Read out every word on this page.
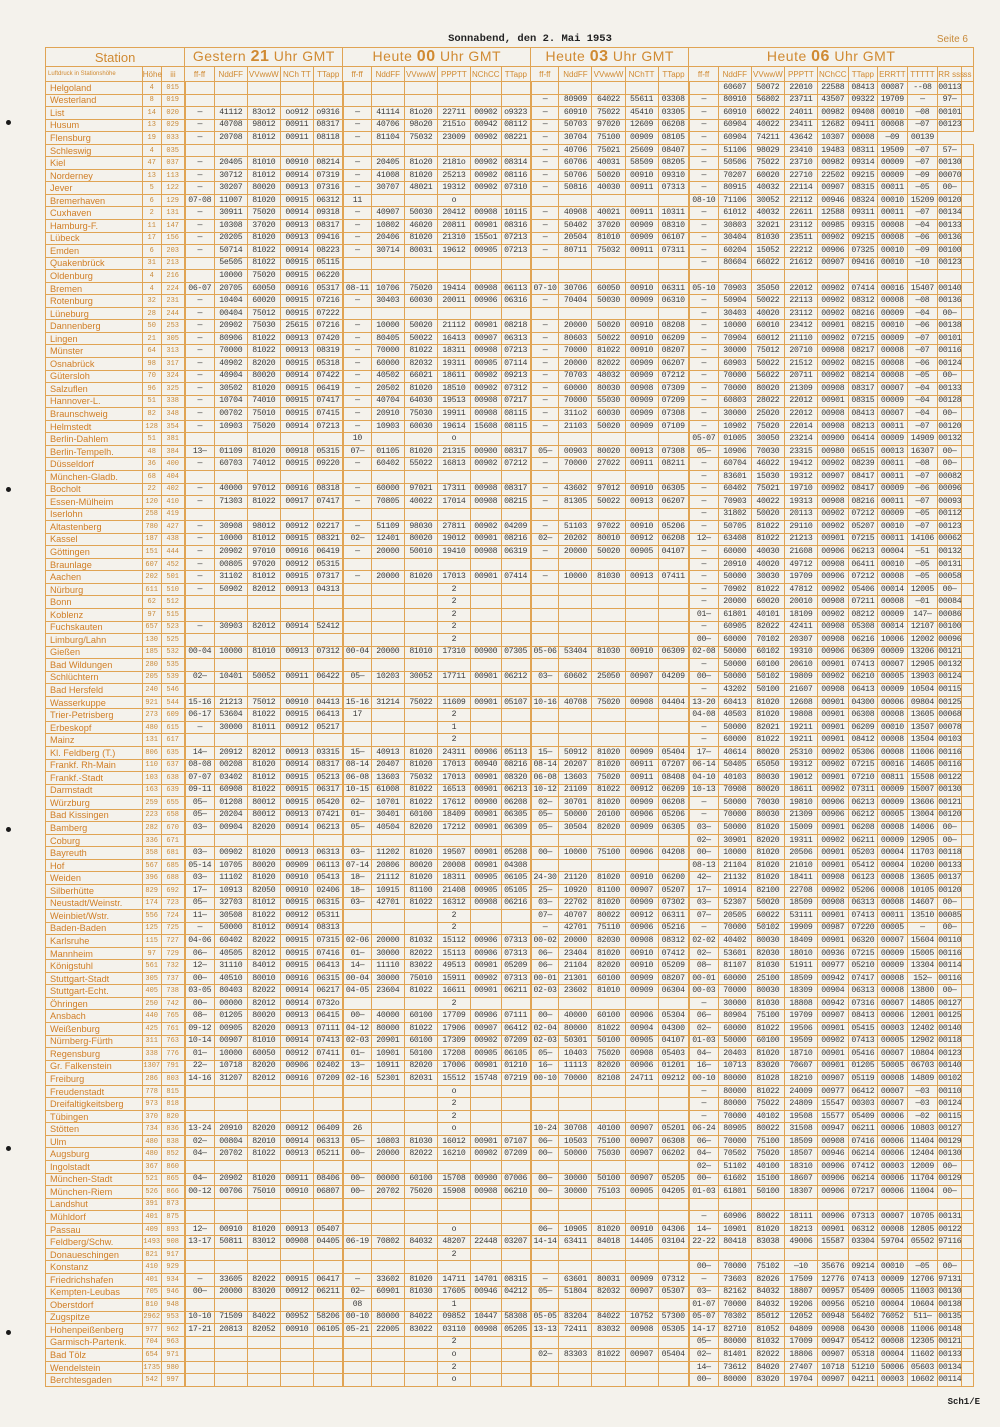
Sonnabend, den 2. Mai 1953	Seite 6
Station			Gestern 21 Uhr GMT					Heute 00 Uhr GMT						Heute 03 Uhr GMT					Heute 06 Uhr GMT									
Luftdruck in Stationshöhe	Höhe	iii	ff-ff	NddFF	VVwwW	NCh TT	TTapp	ff-ff	NddFF	VVwwW	PPPTT	NChCC	TTapp	ff-ff	NddFF	VVwwW	NChTT	TTapp	ff-ff	NddFF	VVwwW	PPPTT	NChCC	TTapp	ERRTT	TTTTT	RR sss	ss
Helgoland	4	015																		60607	50072	22010	22588	08413	00087	--08	00113	
Westerland	8	019												—	80909	64022	55611	03308	—	80910	56802	23711	43507	09322	19709	—	97—	
List	14	020	—	41112	83o12	oo912	o9316	—	41114	81o20	22711	00902	o9323	—	60910	75022	45410	03305	—	60910	60022	24011	00982	09408	00010	—08	00101	
Husum	13	029	—	40708	98012	00911	08317	—	40706	98o20	2151o	00942	08112	—	50703	97020	12609	06208	—	60904	40022	23411	12682	09411	00008	—07	00123	
Flensburg	19	033	—	20708	81012	00911	08118	—	81104	75032	23009	00902	08221	—	30704	75100	00909	08105	—	60904	74211	43642	10307	00008	—09	00139		
Schleswig	4	035												—	40706	75021	25609	08407	—	51106	98029	23410	19483	08311	19509	—07	57—	
Kiel	47	037	—	20405	81010	00910	08214	—	20405	81o20	2181o	00902	08314	—	60706	40031	58509	08205	—	50506	75022	23710	00982	09314	00009	—07	00130	
Norderney	13	113	—	30712	81012	00914	07319	—	41008	81020	25213	00902	08116	—	50706	50020	00910	09310	—	70207	60020	22710	22502	09215	00009	—09	00070	
Jever	5	122	—	30207	80020	00913	07316	—	30707	48021	19312	00902	07310	—	50816	40030	00911	07313	—	80915	40032	22114	00907	08315	00011	—05	00—	
Bremerhaven	6	129	07-08	11007	81020	00915	06312	11			o								08-10	71106	30052	22112	00946	08324	00010	15209	00120	
Cuxhaven	2	131	—	30911	75020	00914	09318	—	40907	50030	20412	00908	10115	—	40908	40021	00911	10311	—	61012	40032	22611	12588	09311	00011	—07	00134	
Hamburg-F.	11	147	—	10308	37020	00913	08317	—	10802	46020	20811	00901	08316	—	50402	37020	00909	08310	—	30803	32021	23112	00985	09315	00008	—04	00133	
Lübeck	17	156	—	20205	81020	00913	09416	—	20406	81020	21310	155o1	07213	—	20504	81010	00909	06107	—	30404	81030	23511	00902	09215	00008	—06	00136	
Emden	6	203	—	50714	81022	00914	08223	—	30714	80031	19612	00905	07213	—	80711	75032	00911	07311	—	60204	15052	22212	00906	07325	00010	—09	00100	
Quakenbrück	31	213		5e505	81022	00915	05115												—	80604	66022	21612	00907	09416	00010	—10	00123	
Oldenburg	4	216		10000	75020	00915	06220																					
Bremen	4	224	06-07	20705	60050	00916	05317	08-11	10706	75020	19414	00908	06113	07-10	30706	60050	00910	06311	05-10	70903	35050	22012	00902	07414	00016	15407	00140	
Rotenburg	32	231	—	10404	60020	00915	07216	—	30403	60030	20011	00906	06316	—	70404	50030	00909	06310	—	50904	50022	22113	00902	08312	00008	—08	00136	
Lüneburg	28	244	—	00404	75012	00915	07222												—	30403	40020	23112	00902	08216	00009	—04	00—	
Dannenberg	50	253	—	20902	75030	25615	07216	—	10000	50020	21112	00901	08218	—	20000	50020	00910	08208	—	10000	60010	23412	00901	08215	00010	—06	00138	
Lingen	21	305	—	80906	81022	00913	07420	—	80405	50022	16413	00907	06313	—	80603	50022	00910	06209	—	70904	60012	21110	00902	07215	00009	—07	00101	
Münster	64	313	—	70000	81022	00913	08319	—	70000	81022	18311	00908	07213	—	70000	81022	00910	08207	—	30000	75012	20710	00908	08217	00008	—07	00116	
Osnabrück	98	317	—	40902	82020	00915	05318	—	60000	82032	19311	00905	07114	—	20000	82022	00909	06207	—	60903	50022	21512	00902	08215	00008	—06	00124	
Gütersloh	70	324	—	40904	80020	00914	07422	—	40502	66021	18611	00902	09213	—	70703	48032	00909	07212	—	70000	56022	20711	00902	08214	00008	—05	00—	
Salzuflen	96	325	—	30502	81020	00915	06419	—	20502	81020	18510	00902	07312	—	60000	80030	00908	07309	—	70000	80020	21309	00908	08317	00007	—04	00133	
Hannover-L.	51	338	—	10704	74010	00915	07417	—	40704	64030	19513	00908	07217	—	70000	55030	00909	07209	—	60803	28022	22012	00901	08315	00009	—04	00128	
Braunschweig	82	348	—	00702	75010	00915	07415	—	20910	75030	19911	00908	08115	—	311o2	60030	00909	07308	—	30000	25020	22012	00908	08413	00007	—04	00—	
Helmstedt	128	354	—	10903	75020	00914	07213	—	10903	60030	19614	15608	08115	—	21103	50020	00909	07109	—	10902	75020	22014	00908	08213	00011	—07	00120	
Berlin-Dahlem	51	381						10			o								05-07	01005	30050	23214	00900	06414	00009	14909	00132	
Berlin-Tempelh.	48	384	13—	01109	81020	00918	05315	07—	01105	81020	21315	00900	08317	05—	00903	80020	00913	07308	05—	10906	70030	23315	00980	06515	00013	16307	00—	
Düsseldorf	36	400	—	60703	74012	00915	09220	—	60402	55022	16813	00902	07212	—	70000	27022	00911	08211	—	60704	46022	19412	00902	08239	00011	—08	00—	
München-Gladb.	68	404																	—	83601	15030	19312	00907	08417	00011	—07	00082	
Bocholt	22	402	—	40000	97012	00916	08318	—	60000	97021	17311	00908	08317	—	43602	97012	00910	06305	—	60402	75021	19710	00902	08417	00009	—06	00096	
Essen-Mülheim	120	410	—	71303	81022	00917	07417	—	70805	40022	17014	00908	08215	—	81305	50022	00913	06207	—	70903	40022	19313	00908	08216	00011	—07	00093	
Iserlohn	258	419																	—	31802	50020	20113	00902	07212	00009	—05	00112	
Altastenberg	780	427	—	30908	98012	00912	02217	—	51109	98030	27811	00902	04209	—	51103	97022	00910	05206	—	50705	81022	29110	00902	05207	00010	—07	00123	
Kassel	187	438	—	10000	81012	00915	08321	02—	12401	80020	19012	00901	08216	02—	20202	80010	00912	06208	12—	63408	81022	21213	00901	07215	00011	14106	00062	
Göttingen	151	444	—	20902	97010	00916	06419	—	20000	50010	19410	00908	06319	—	20000	50020	00905	04107	—	60000	40030	21608	00906	06213	00004	—51	00132	
Braunlage	607	452	—	00805	97020	00912	05315												—	20910	40020	49712	00908	06411	00010	—05	00131	
Aachen	202	501	—	31102	81012	00915	07317	—	20000	81020	17013	00901	07414	—	10000	81030	00913	07411	—	50000	30030	19709	00906	07212	00008	—05	00058	
Nürburg	611	510	—	50902	82012	00913	04313				2								—	70902	81022	47812	00902	05406	00014	12005	00—	
Bonn	62	512									2								—	20000	60020	20010	00908	07211	00008	—01	00084	
Koblenz	97	515									2								01—	61801	40101	18109	00902	08212	00009	147—	00086	
Fuchskauten	657	523	—	30903	82012	00914	52412				2								—	60905	82022	42411	00908	05308	00014	12107	00100	
Limburg/Lahn	130	525									2								00—	60000	70102	20307	00908	06216	10006	12002	00096	
Gießen	185	532	00-04	10000	81010	00913	07312	00-04	20000	81010	17310	00900	07305	05-06	53404	81030	00910	06309	02-08	50000	60102	19310	00906	06309	00009	13206	00121	
Bad Wildungen	280	535																	—	50000	60100	20610	00901	07413	00007	12905	00132	
Schlüchtern	205	539	02—	10401	50052	00911	06422	05—	10203	30052	17711	00901	06212	03—	60602	25050	00907	04209	00—	50000	50102	19809	00902	06210	00005	13903	00124	
Bad Hersfeld	240	546																	—	43202	50100	21607	00908	06413	00009	10504	00115	
Wasserkuppe	921	544	15-16	21213	75012	00910	04413	15-16	31214	75022	11609	00901	05107	10-16	40708	75020	00908	04404	13-20	60413	81020	12608	00901	04300	00006	09804	00125	
Trier-Petrisberg	273	609	06-17	53604	81022	00915	06413	17			2								04-08	40503	81020	19808	00901	06308	00008	13605	00068	
Erbeskopf	480	615	—	30000	81011	00912	05217				1								—	50000	82021	19211	00901	06209	00010	13507	00078	
Mainz	131	617									2								—	60000	81022	19211	00901	08412	00008	13504	00103	
Kl. Feldberg (T.)	806	635	14—	20912	82012	00913	03315	15—	40913	81020	24311	00906	05113	15—	50912	81020	00909	05404	17—	40614	80020	25310	00902	05306	00008	11006	00116	
Frankf. Rh-Main	110	637	08-08	00208	81020	00914	08317	08-14	20407	81020	17013	00940	08216	08-14	20207	81020	00911	07207	06-14	50405	65050	19312	00902	07215	00016	14605	00116	
Frankf.-Stadt	103	638	07-07	03402	81012	00915	05213	06-08	13603	75032	17013	00901	08320	06-08	13603	75020	00911	08408	04-10	40103	80030	19012	00901	07210	00811	15508	00122	
Darmstadt	163	639	09-11	60908	81022	00915	06317	10-15	61008	81022	16513	00901	06213	10-12	21109	81022	00912	06209	10-13	70908	80020	18611	00902	07311	00009	15007	00130	
Würzburg	259	655	05—	01208	80012	00915	05420	02—	10701	81022	17612	00900	06208	02—	30701	81020	00909	06208	—	50000	70030	19810	00906	06213	00009	13606	00121	
Bad Kissingen	223	658	05—	20204	80012	00913	07421	01—	30401	60100	18409	00901	06305	05—	50000	20100	00906	05206	—	70000	80030	21309	00906	06212	00005	13004	00120	
Bamberg	282	670	03—	00904	82020	00914	06213	05—	40504	82020	17212	00901	06309	05—	30504	82020	00909	06305	03—	50000	81020	15009	00901	06208	00008	14006	00—	
Coburg	336	671																	02—	30901	82020	19311	00902	06211	00009	12905	00—	
Bayreuth	358	681	03—	00902	81020	00913	06313	03—	11202	81020	19507	00901	05208	00—	10000	75100	00906	04208	00—	10000	81020	20506	00901	05203	00004	11703	00118	
Hof	567	685	05-14	10705	80020	00909	06113	07-14	20806	80020	20008	00901	04308						08-13	21104	81020	21010	00901	05412	00004	10200	00133	
Weiden	396	688	03—	11102	81020	00910	05413	18—	21112	81020	18311	00905	06105	24-30	21120	81020	00910	06200	42—	21132	81020	18411	00908	06123	00008	13605	00137	
Silberhütte	829	692	17—	10913	82050	00910	02406	18—	10915	81100	21408	00905	05105	25—	10920	81100	00907	05207	17—	10914	82100	22708	00902	05206	00008	10105	00120	
Neustadt/Weinstr.	174	723	05—	32703	81012	00915	06315	03—	42701	81022	16312	00908	06216	03—	22702	81020	00909	07302	03—	52307	50020	18509	00908	06313	00008	14607	00—	
Weinbiet/Wstr.	556	724	11—	30508	81022	00912	05311				2			07—	40707	80022	00912	06311	07—	20505	60022	53111	00901	07413	00011	13510	00085	
Baden-Baden	125	725	—	50000	81012	00914	08313				2			—	42701	75110	00906	05216	—	70000	50102	19909	00987	07220	00005	—	00—	
Karlsruhe	115	727	04-06	60402	82022	00915	07315	02-06	20000	81032	15112	00906	07313	00-02	20000	82030	00908	08312	02-02	40402	80030	18409	00901	06320	00007	15604	00110	
Mannheim	97	729	06—	40505	82012	00915	07416	01—	30000	82022	15113	00906	07313	06—	23404	81020	00910	07412	02—	53601	82030	18010	00936	07215	00009	15005	00116	
Königstuhl	561	732	12—	31110	84012	00915	06413	14—	11110	83022	49513	00901	05209	06—	21104	82020	00910	05209	08—	81107	81030	51911	00977	05210	00009	13304	00114	
Stuttgart-Stadt	305	737	00—	40510	80010	00916	06315	00-04	30000	75010	15911	00902	07313	00-01	21301	60100	00909	08207	00-01	60000	25100	18509	00942	07417	00008	152—	00116	
Stuttgart-Echt.	405	738	03-05	80403	82022	00914	06217	04-05	23604	81022	16611	00901	06211	02-03	23602	81010	00909	06304	00-03	70000	80030	18309	00904	06313	00008	13800	00—	
Öhringen	250	742	00—	00000	82012	00914	0732o				2								—	30000	81030	18808	00942	07316	00007	14805	00127	
Ansbach	440	765	08—	01205	80020	00913	06415	00—	40000	60100	17709	00906	07111	00—	40000	60100	00906	05304	06—	80904	75100	19709	00907	08413	00006	12001	00125	
Weißenburg	425	761	09-12	00905	82020	00913	07111	04-12	80000	81022	17906	00907	06412	02-04	80000	81022	00904	04300	02—	60000	81022	19506	00901	05415	00003	12402	00140	
Nürnberg-Fürth	311	763	10-14	00907	81010	00914	07413	02-03	20901	60100	17309	00902	07209	02-03	50301	50100	00905	04107	01-03	50000	60100	19509	00902	07413	00005	12902	00118	
Regensburg	338	776	01—	10000	60050	00912	07411	01—	10901	50100	17208	00905	06105	05—	10403	75020	00908	05403	04—	20403	81020	18710	00901	05416	00007	10804	00123	
Gr. Falkenstein	1307	791	22—	10718	82020	00906	02402	13—	10911	82020	17006	00901	01210	16—	11113	82020	00906	01201	16—	10713	83020	70607	00901	01205	50005	06703	00140	
Freiburg	286	803	14-16	31207	82012	00916	07209	02-16	52301	82031	15512	15748	07219	00-10	70000	82108	24711	09212	00-10	80000	81028	18210	00907	05119	00008	14809	00102	
Freudenstadt	778	815									o								—	80000	81022	24009	00977	06412	00007	—03	00110	
Dreifaltigkeitsberg	973	818									2								—	80000	75022	24809	15547	00303	00007	—03	00124	
Tübingen	370	820									2								—	70000	40102	19508	15577	05409	00006	—02	00115	
Stötten	734	836	13-24	20910	82020	00912	06409	26			o			10-24	30708	40100	00907	05201	06-24	80905	80022	31508	00947	06211	00006	10803	00127	
Ulm	480	838	02—	00804	82010	00914	06313	05—	10803	81030	16012	00901	07107	06—	10503	75100	00907	06308	06—	70000	75100	18509	00908	07416	00006	11404	00129	
Augsburg	480	852	04—	20702	81022	00913	05211	00—	20000	82022	16210	00902	07209	00—	50000	75030	00907	06202	04—	70502	75020	18507	00946	06214	00006	12404	00130	
Ingolstadt	367	860																	02—	51102	40100	18310	00906	07412	00003	12009	00—	
München-Stadt	521	865	04—	20902	81020	00911	08406	00—	00000	60100	15708	00900	07006	00—	30000	50100	00907	05205	00—	61602	15100	18607	00906	06214	00006	11704	00129	
München-Riem	526	866	00-12	00706	75010	00910	06807	00—	20702	75020	15908	00908	06210	00—	30000	75103	00905	04205	01-03	61801	50100	18307	00906	07217	00006	11004	00—	
Landshut	391	873																										
Mühldorf	401	875																	—	60906	80022	18111	00906	07313	00007	10705	00131	
Passau	409	893	12—	00910	81020	00913	05407				o			06—	10905	81020	00910	04306	14—	10901	81020	18213	00901	06312	00008	12805	00122	
Feldberg/Schw.	1493	908	13-17	50811	83012	00908	04405	06-19	70802	84032	48207	22448	03207	14-14	63411	84018	14405	03104	22-22	80418	83038	49006	15587	03304	59704	05502	97116	
Donaueschingen	821	917									2																	
Konstanz	410	929																	00—	70000	75102	—10	35676	09214	00010	—05	00—	
Friedrichshafen	401	934	—	33605	82022	00915	06417	—	33602	81020	14711	14701	08315	—	63601	80031	00909	07312	—	73603	82026	17509	12776	07413	00009	12706	97131	
Kempten-Leubas	705	946	00—	20000	83020	00912	06211	02—	60901	81030	17605	00946	04212	05—	51804	82032	00907	05307	03—	82162	84032	18807	00957	05409	00005	11003	00130	
Oberstdorf	810	948						08			1								01-07	70000	84032	19206	00956	05210	00004	10604	00138	
Zugspitze	2962	953	10-10	71509	84022	00952	58206	00-10	80000	84022	09852	10447	58308	05-05	83204	84022	10752	57300	05-07	70302	85012	12052	00948	56402	76052	511—	00135	
Hohenpeißenberg	977	962	17-21	20813	82052	00910	06105	05-21	22005	83022	03110	00908	05205	13-13	72411	83032	00908	05305	14-17	82710	81052	04809	00908	06430	00008	11006	00148	
Garmisch-Partenk.	704	963									2								05—	80000	81032	17009	00947	05412	00008	12305	00121	
Bad Tölz	654	971									o			02—	83303	81022	00907	05404	02—	81401	82022	18806	00907	05318	00004	11602	00133	
Wendelstein	1735	980									2								14—	73612	84020	27407	10718	51210	50006	05603	00134	
Berchtesgaden	542	997									o								00—	80000	83020	19704	00907	04211	00003	10602	00114	
Sch1/E
